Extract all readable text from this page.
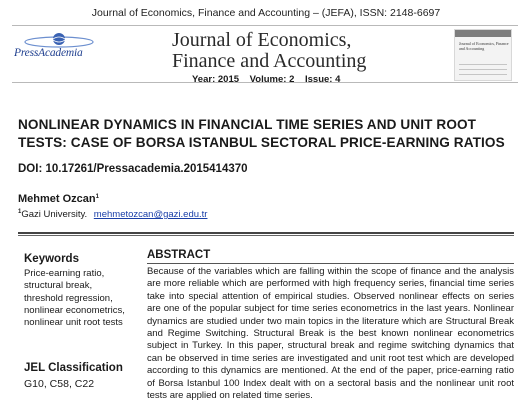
Journal of Economics, Finance and Accounting – (JEFA), ISSN: 2148-6697
PressAcademia
Journal of Economics, Finance and Accounting
Year: 2015 Volume: 2 Issue: 4
Journal of Economics, Finance and Accounting
NONLINEAR DYNAMICS IN FINANCIAL TIME SERIES AND UNIT ROOT TESTS: CASE OF BORSA ISTANBUL SECTORAL PRICE-EARNING RATIOS
DOI: 10.17261/Pressacademia.2015414370
Mehmet Ozcan$^1$
$^1$Gazi University. mehmetozcan@gazi.edu.tr
Keywords
Price-earning ratio,
structural break,
threshold regression,
nonlinear econometrics,
nonlinear unit root tests
JEL Classification
G10, C58, C22
ABSTRACT
Because of the variables which are falling within the scope of finance and the analysis are more reliable which are performed with high frequency series, financial time series take into special attention of empirical studies. Observed nonlinear effects on series are one of the popular subject for time series econometrics in the last years. Nonlinear dynamics are studied under two main topics in the literature which are Structural Break and Regime Switching. Structural Break is the best known nonlinear econometrics subject in Turkey. In this paper, structural break and regime switching dynamics that can be observed in time series are investigated and unit root test which are developed according to this dynamics are mentioned. At the end of the paper, price-earning ratio of Borsa Istanbul 100 Index dealt with on a sectoral basis and the nonlinear unit root tests are applied on related time series.
